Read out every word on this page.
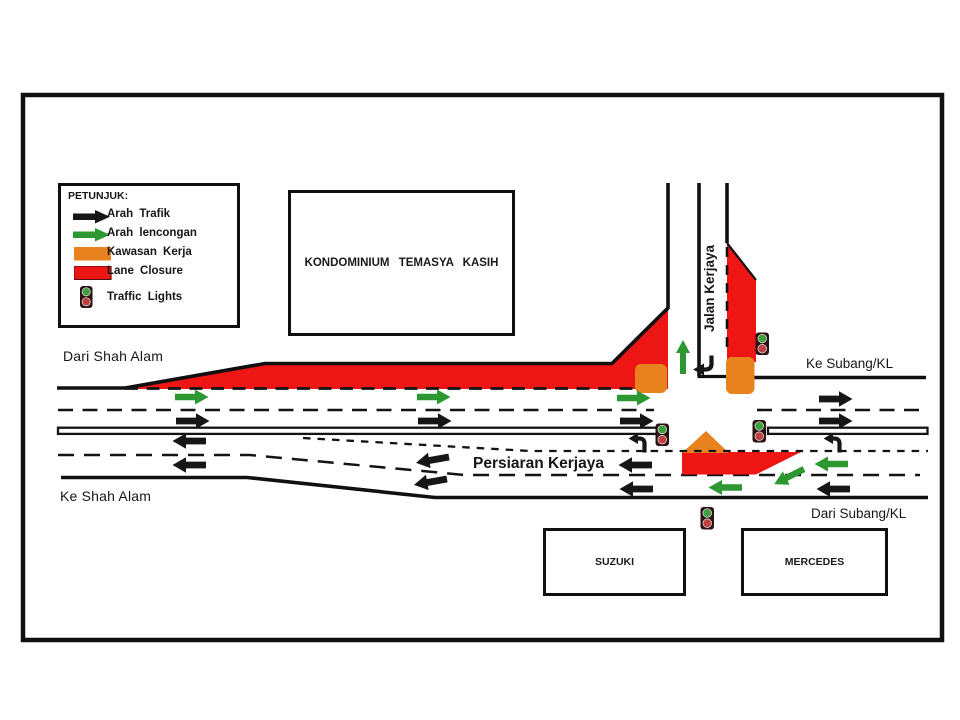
PETUNJUK:
Arah Trafik
Arah lencongan
Kawasan Kerja
Lane Closure
Traffic Lights
KONDOMINIUM TEMASYA KASIH
SUZUKI	MERCEDES
Dari Shah Alam
Ke Shah Alam
Ke Subang/KL
Dari Subang/KL
Persiaran Kerjaya
Jalan Kerjaya
